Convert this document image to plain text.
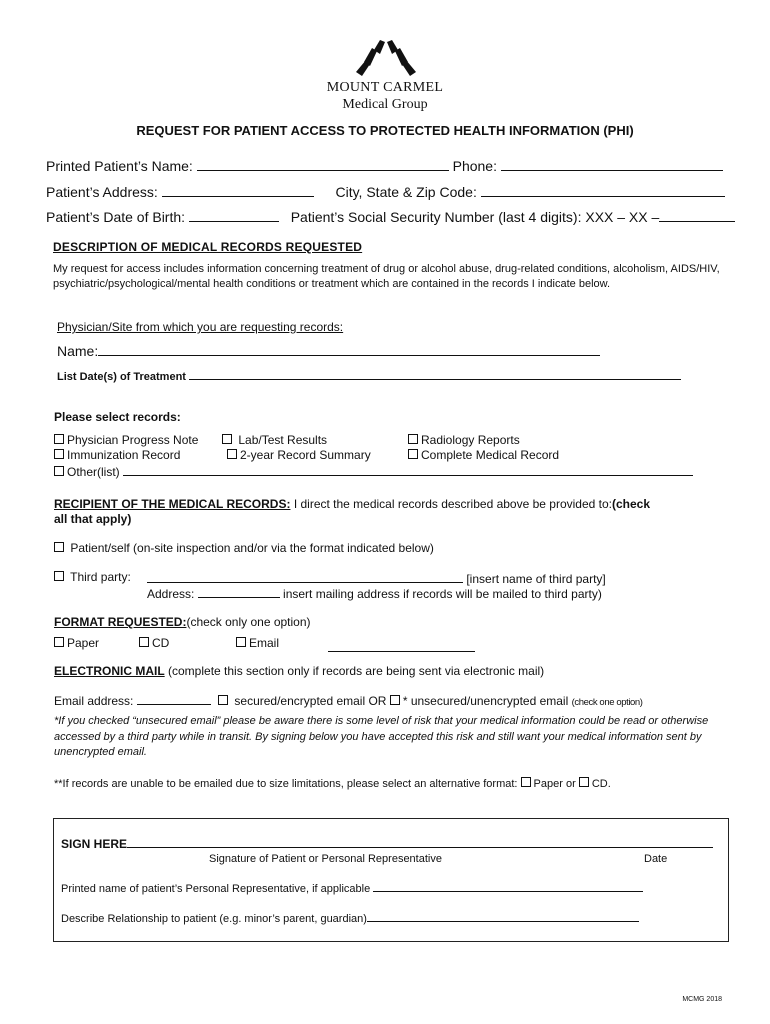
MOUNT CARMEL
Medical Group
REQUEST FOR PATIENT ACCESS TO PROTECTED HEALTH INFORMATION (PHI)
Printed Patient’s Name:	Phone:
Patient’s Address:	City, State & Zip Code:
Patient’s Date of Birth:	Patient’s Social Security Number (last 4 digits): XXX – XX –
DESCRIPTION OF MEDICAL RECORDS REQUESTED
My request for access includes information concerning treatment of drug or alcohol abuse, drug-related conditions, alcoholism, AIDS/HIV, psychiatric/psychological/mental health conditions or treatment which are contained in the records I indicate below.
Physician/Site from which you are requesting records:
Name:
List Date(s) of Treatment
Please select records:
Physician Progress Note	Lab/Test Results	Radiology Reports
Immunization Record	2-year Record Summary	Complete Medical Record
Other(list)
RECIPIENT OF THE MEDICAL RECORDS: I direct the medical records described above be provided to:(check
all that apply)
Patient/self (on-site inspection and/or via the format indicated below)
Third party:	[insert name of third party]
Address:	insert mailing address if records will be mailed to third party)
FORMAT REQUESTED:(check only one option)
Paper	CD	Email
ELECTRONIC MAIL (complete this section only if records are being sent via electronic mail)
Email address:	secured/encrypted email OR * unsecured/unencrypted email (check one option)
*If you checked “unsecured email” please be aware there is some level of risk that your medical information could be read or otherwise accessed by a third party while in transit. By signing below you have accepted this risk and still want your medical information sent by unencrypted email.
**If records are unable to be emailed due to size limitations, please select an alternative format: Paper or CD.
SIGN HERE
Signature of Patient or Personal Representative	Date
Printed name of patient’s Personal Representative, if applicable
Describe Relationship to patient (e.g. minor’s parent, guardian)
MCMG 2018
